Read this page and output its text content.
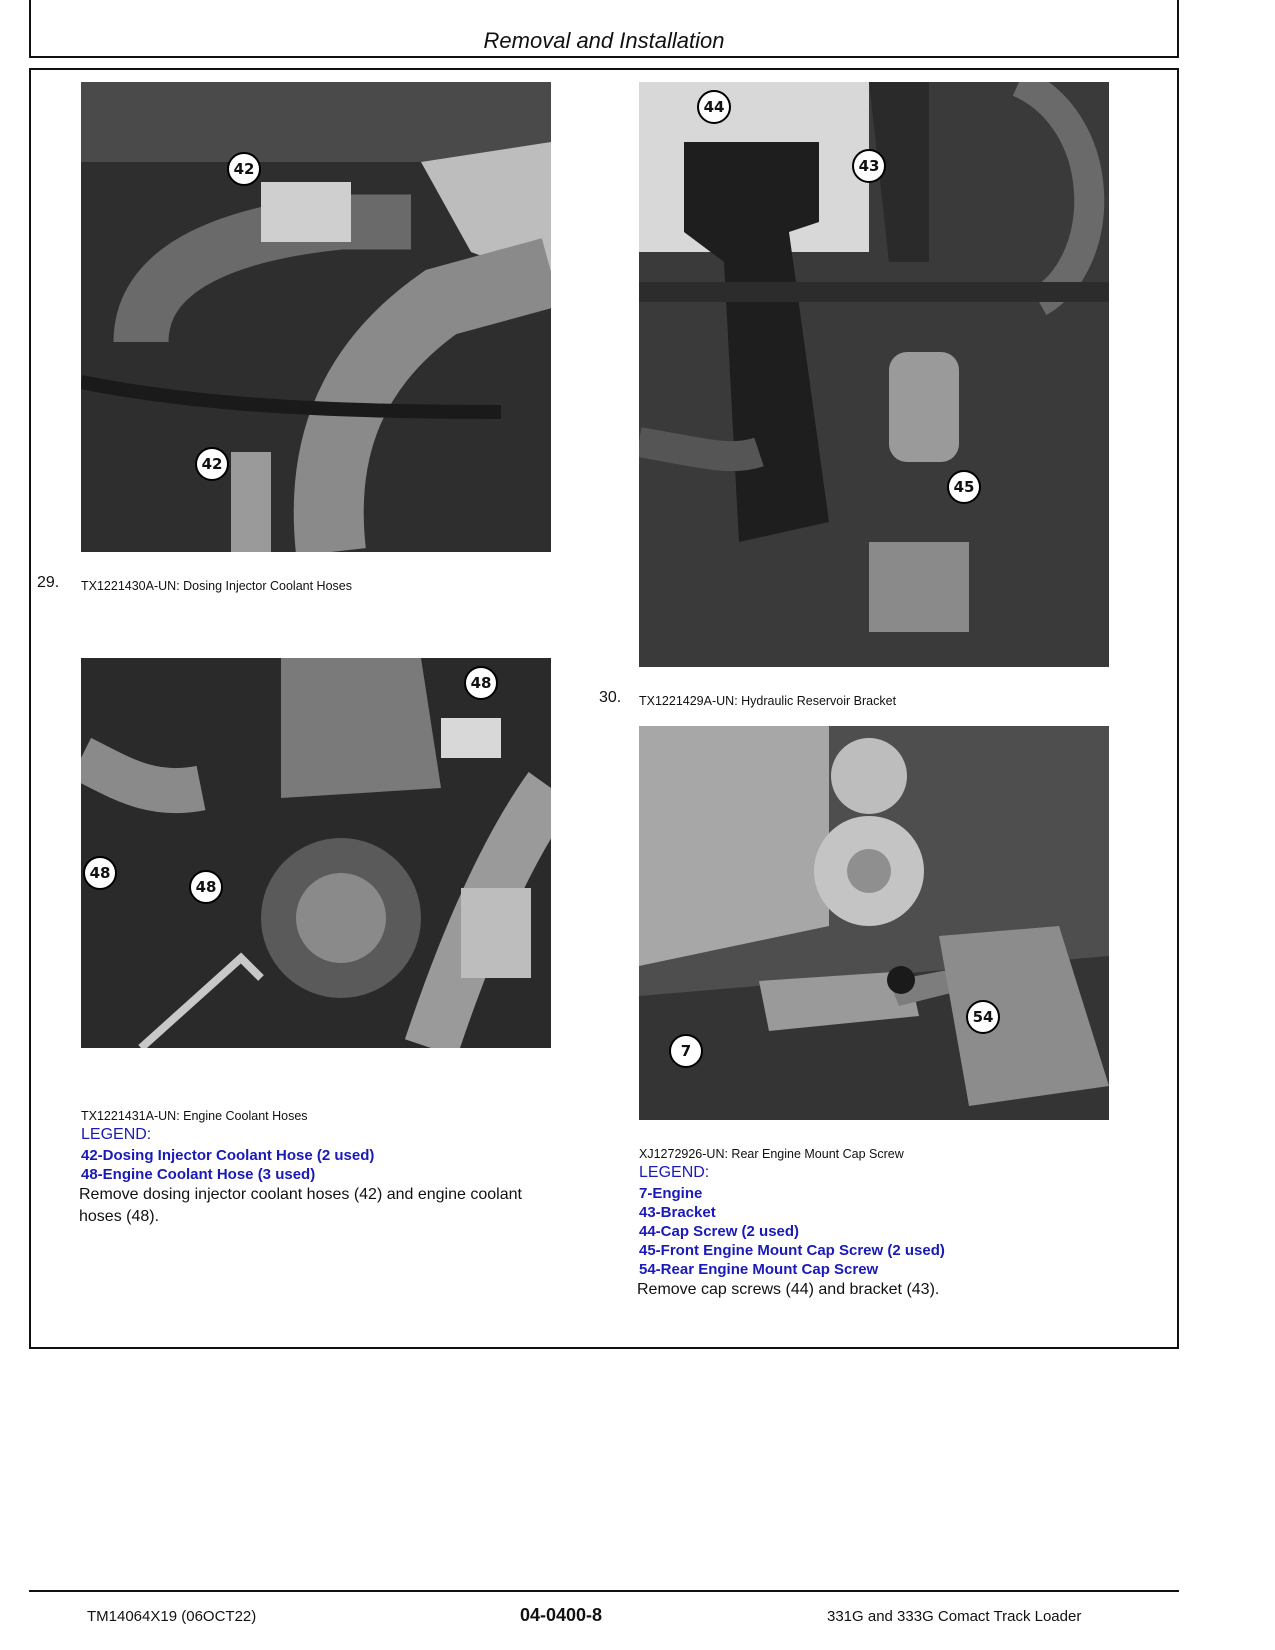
Removal and Installation
42
42
29. TX1221430A-UN: Dosing Injector Coolant Hoses
48
48
48
TX1221431A-UN: Engine Coolant Hoses
LEGEND:
42-Dosing Injector Coolant Hose (2 used)
48-Engine Coolant Hose (3 used)
Remove dosing injector coolant hoses (42) and engine coolant
hoses (48).
44
43
45
30. TX1221429A-UN: Hydraulic Reservoir Bracket
54
7
XJ1272926-UN: Rear Engine Mount Cap Screw
LEGEND:
7-Engine
43-Bracket
44-Cap Screw (2 used)
45-Front Engine Mount Cap Screw (2 used)
54-Rear Engine Mount Cap Screw
Remove cap screws (44) and bracket (43).
TM14064X19 (06OCT22)	04-0400-8	331G and 333G Comact Track Loader
